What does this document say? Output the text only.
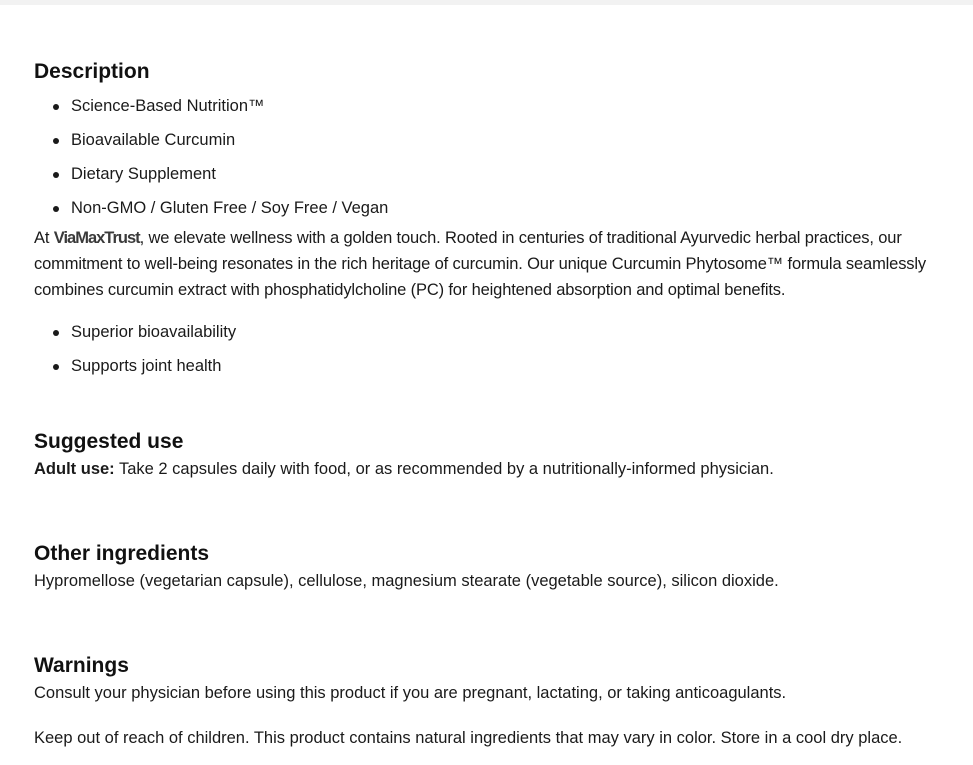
Description
Science-Based Nutrition™
Bioavailable Curcumin
Dietary Supplement
Non-GMO / Gluten Free / Soy Free / Vegan

At ViaMaxTrust, we elevate wellness with a golden touch. Rooted in centuries of traditional Ayurvedic herbal practices, our commitment to well-being resonates in the rich heritage of curcumin. Our unique Curcumin Phytosome™ formula seamlessly combines curcumin extract with phosphatidylcholine (PC) for heightened absorption and optimal benefits.

Superior bioavailability
Supports joint health
Suggested use

Adult use: Take 2 capsules daily with food, or as recommended by a nutritionally-informed physician.

Other ingredients

Hypromellose (vegetarian capsule), cellulose, magnesium stearate (vegetable source), silicon dioxide.

Warnings

Consult your physician before using this product if you are pregnant, lactating, or taking anticoagulants.

Keep out of reach of children. This product contains natural ingredients that may vary in color. Store in a cool dry place.
